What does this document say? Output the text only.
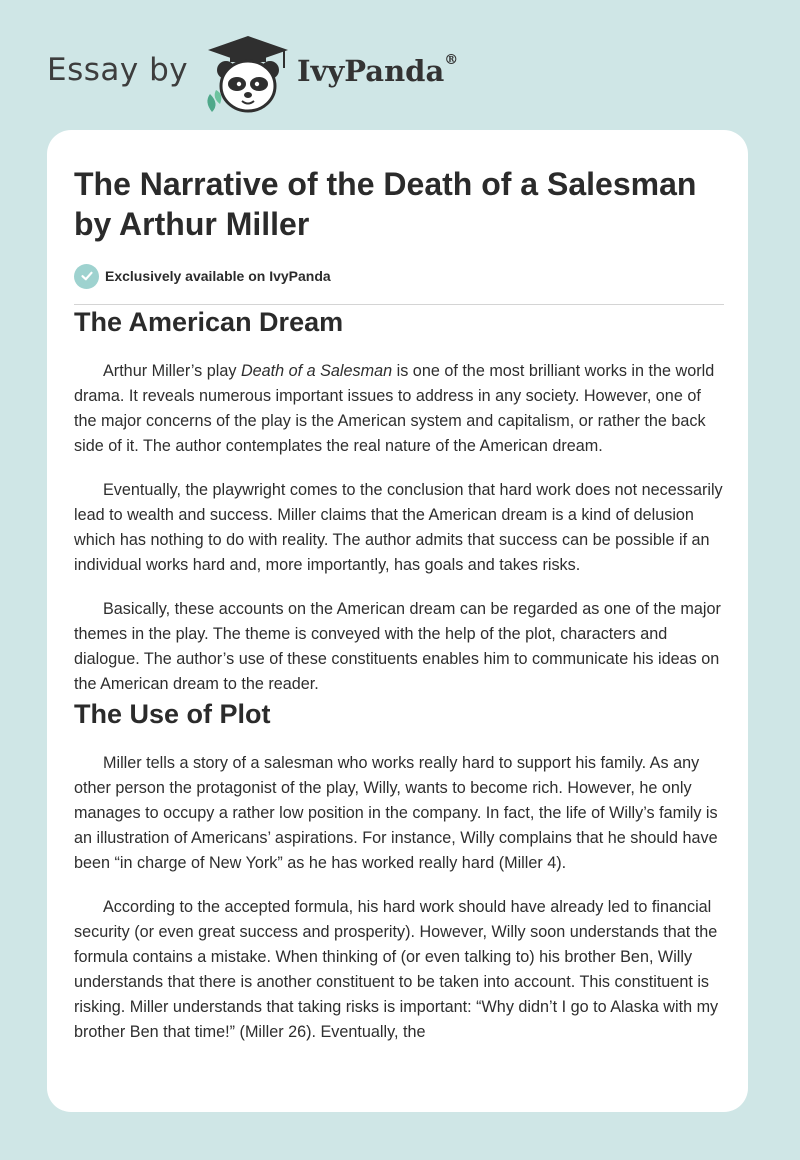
Essay by	IvyPanda®
The Narrative of the Death of a Salesman by Arthur Miller
Exclusively available on IvyPanda
The American Dream

Arthur Miller’s play Death of a Salesman is one of the most brilliant works in the world drama. It reveals numerous important issues to address in any society. However, one of the major concerns of the play is the American system and capitalism, or rather the back side of it. The author contemplates the real nature of the American dream.

Eventually, the playwright comes to the conclusion that hard work does not necessarily lead to wealth and success. Miller claims that the American dream is a kind of delusion which has nothing to do with reality. The author admits that success can be possible if an individual works hard and, more importantly, has goals and takes risks.

Basically, these accounts on the American dream can be regarded as one of the major themes in the play. The theme is conveyed with the help of the plot, characters and dialogue. The author’s use of these constituents enables him to communicate his ideas on the American dream to the reader.

The Use of Plot

Miller tells a story of a salesman who works really hard to support his family. As any other person the protagonist of the play, Willy, wants to become rich. However, he only manages to occupy a rather low position in the company. In fact, the life of Willy’s family is an illustration of Americans’ aspirations. For instance, Willy complains that he should have been “in charge of New York” as he has worked really hard (Miller 4).

According to the accepted formula, his hard work should have already led to financial security (or even great success and prosperity). However, Willy soon understands that the formula contains a mistake. When thinking of (or even talking to) his brother Ben, Willy understands that there is another constituent to be taken into account. This constituent is risking. Miller understands that taking risks is important: “Why didn’t I go to Alaska with my brother Ben that time!” (Miller 26). Eventually, the
